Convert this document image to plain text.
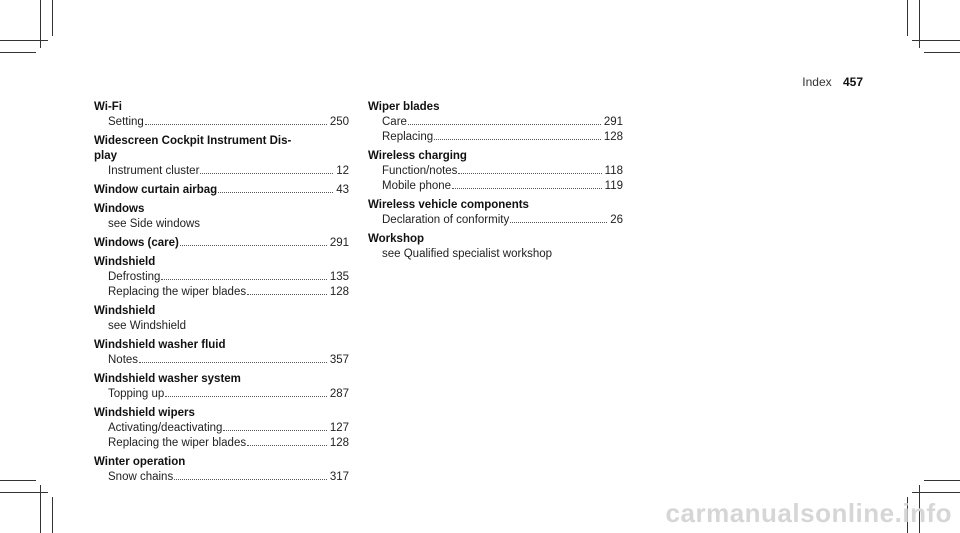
Index 457
Wi-Fi
Setting	250
Widescreen Cockpit Instrument Dis-
play
Instrument cluster	12
Window curtain airbag	43
Windows
see Side windows
Windows (care)	291
Windshield
Defrosting	135
Replacing the wiper blades	128
Windshield
see Windshield
Windshield washer fluid
Notes	357
Windshield washer system
Topping up	287
Windshield wipers
Activating/deactivating	127
Replacing the wiper blades	128
Winter operation
Snow chains	317
Wiper blades
Care	291
Replacing	128
Wireless charging
Function/notes	118
Mobile phone	119
Wireless vehicle components
Declaration of conformity	26
Workshop
see Qualified specialist workshop
carmanualsonline.info
